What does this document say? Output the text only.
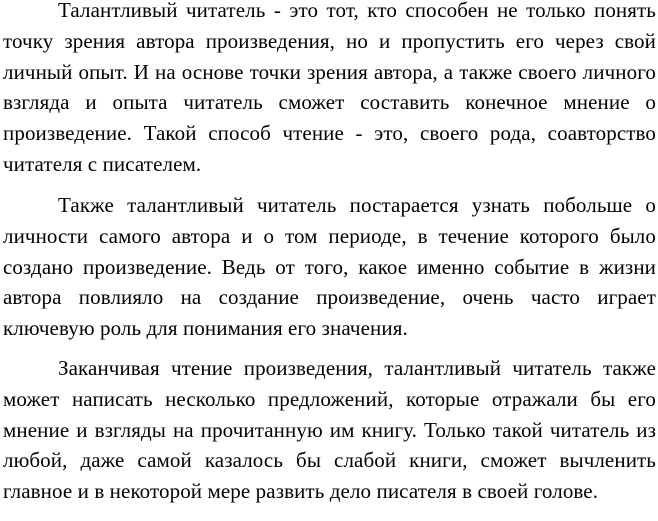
Талантливый читатель - это тот, кто способен не только понять точку зрения автора произведения, но и пропустить его через свой личный опыт. И на основе точки зрения автора, а также своего личного взгляда и опыта читатель сможет составить конечное мнение о произведение. Такой способ чтение - это, своего рода, соавторство читателя с писателем.

Также талантливый читатель постарается узнать побольше о личности самого автора и о том периоде, в течение которого было создано произведение. Ведь от того, какое именно событие в жизни автора повлияло на создание произведение, очень часто играет ключевую роль для понимания его значения.

Заканчивая чтение произведения, талантливый читатель также может написать несколько предложений, которые отражали бы его мнение и взгляды на прочитанную им книгу. Только такой читатель из любой, даже самой казалось бы слабой книги, сможет вычленить главное и в некоторой мере развить дело писателя в своей голове.
